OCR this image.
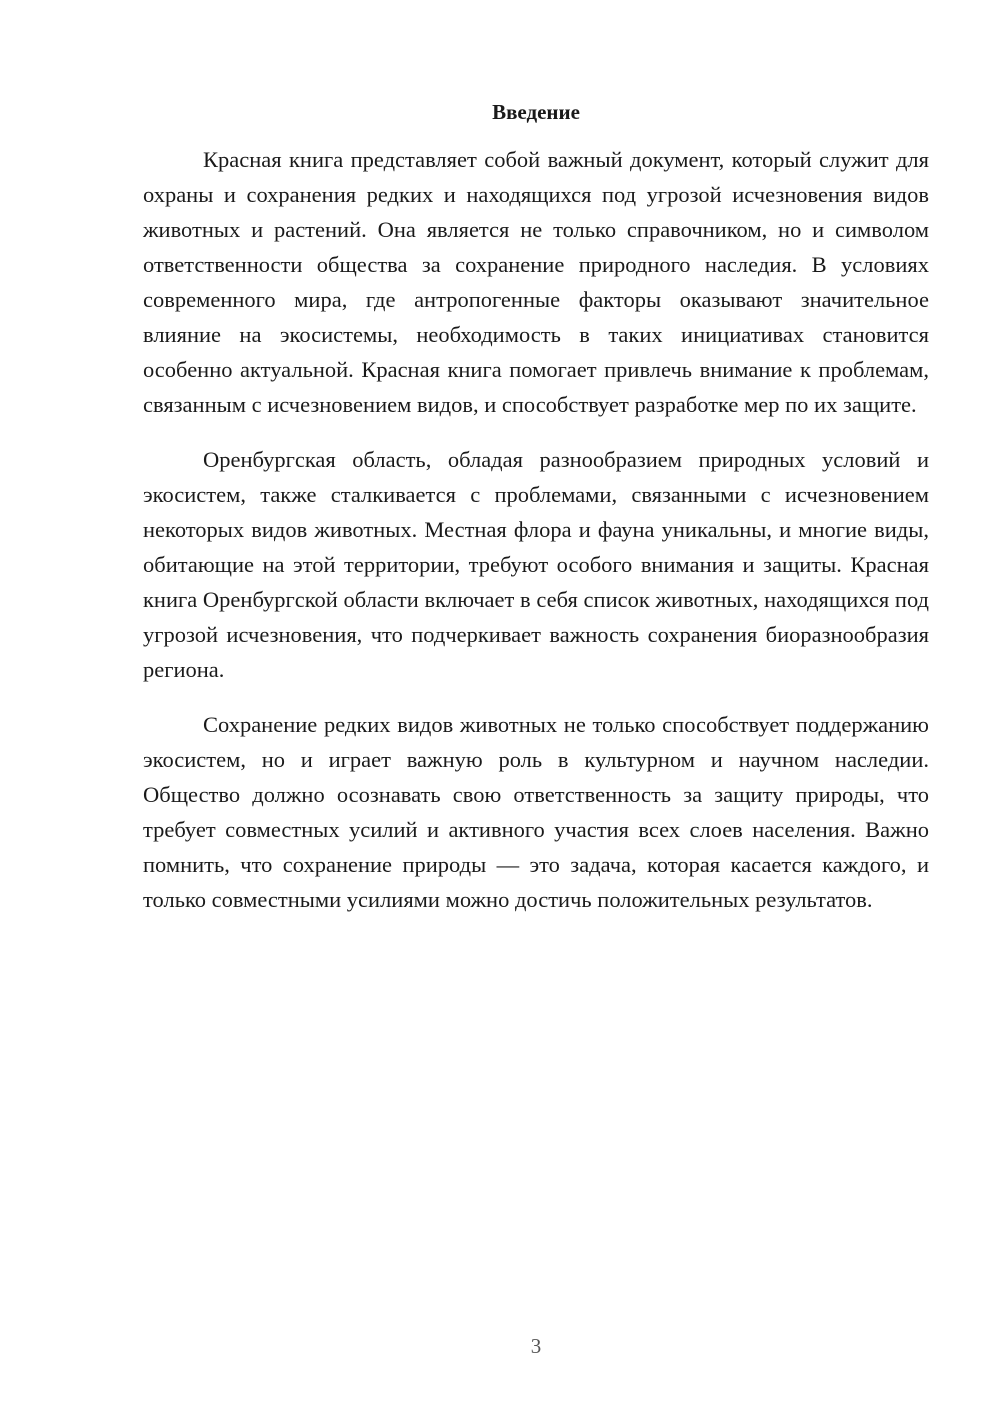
Введение

Красная книга представляет собой важный документ, который служит для охраны и сохранения редких и находящихся под угрозой исчезновения видов животных и растений. Она является не только справочником, но и символом ответственности общества за сохранение природного наследия. В условиях современного мира, где антропогенные факторы оказывают значительное влияние на экосистемы, необходимость в таких инициативах становится особенно актуальной. Красная книга помогает привлечь внимание к проблемам, связанным с исчезновением видов, и способствует разработке мер по их защите.

Оренбургская область, обладая разнообразием природных условий и экосистем, также сталкивается с проблемами, связанными с исчезновением некоторых видов животных. Местная флора и фауна уникальны, и многие виды, обитающие на этой территории, требуют особого внимания и защиты. Красная книга Оренбургской области включает в себя список животных, находящихся под угрозой исчезновения, что подчеркивает важность сохранения биоразнообразия региона.

Сохранение редких видов животных не только способствует поддержанию экосистем, но и играет важную роль в культурном и научном наследии. Общество должно осознавать свою ответственность за защиту природы, что требует совместных усилий и активного участия всех слоев населения. Важно помнить, что сохранение природы — это задача, которая касается каждого, и только совместными усилиями можно достичь положительных результатов.

3
